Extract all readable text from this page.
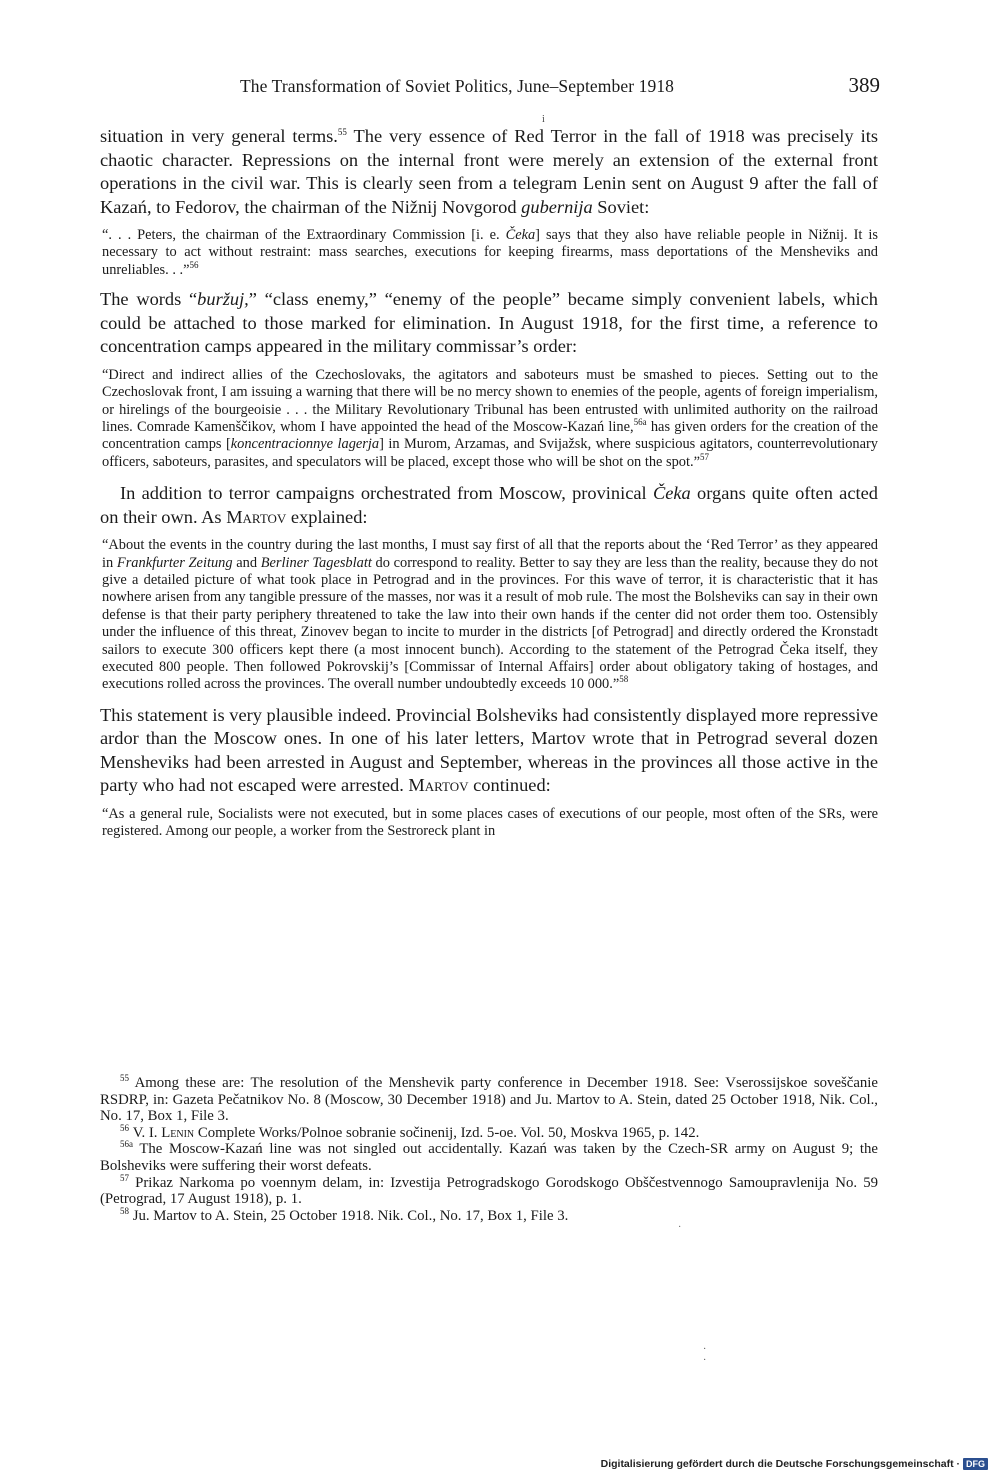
The Transformation of Soviet Politics, June–September 1918	389
i

situation in very general terms.$^{55}$ The very essence of Red Terror in the fall of 1918 was precisely its chaotic character. Repressions on the internal front were merely an extension of the external front operations in the civil war. This is clearly seen from a telegram Lenin sent on August 9 after the fall of Kazań, to Fedorov, the chairman of the Nižnij Novgorod gubernija Soviet:

“. . . Peters, the chairman of the Extraordinary Commission [i. e. Čeka] says that they also have reliable people in Nižnij. It is necessary to act without restraint: mass searches, executions for keeping firearms, mass deportations of the Mensheviks and unreliables. . .”$^{56}$

The words “buržuj,” “class enemy,” “enemy of the people” became simply convenient labels, which could be attached to those marked for elimination. In August 1918, for the first time, a reference to concentration camps appeared in the military commissar’s order:

“Direct and indirect allies of the Czechoslovaks, the agitators and saboteurs must be smashed to pieces. Setting out to the Czechoslovak front, I am issuing a warning that there will be no mercy shown to enemies of the people, agents of foreign imperialism, or hirelings of the bourgeoisie . . . the Military Revolutionary Tribunal has been entrusted with unlimited authority on the railroad lines. Comrade Kamenščikov, whom I have appointed the head of the Moscow-Kazań line,$^{56a}$ has given orders for the creation of the concentration camps [koncentracionnye lagerja] in Murom, Arzamas, and Svijažsk, where suspicious agitators, counterrevolutionary officers, saboteurs, parasites, and speculators will be placed, except those who will be shot on the spot.”$^{57}$

In addition to terror campaigns orchestrated from Moscow, provinical Čeka organs quite often acted on their own. As Martov explained:

“About the events in the country during the last months, I must say first of all that the reports about the ‘Red Terror’ as they appeared in Frankfurter Zeitung and Berliner Tagesblatt do correspond to reality. Better to say they are less than the reality, because they do not give a detailed picture of what took place in Petrograd and in the provinces. For this wave of terror, it is characteristic that it has nowhere arisen from any tangible pressure of the masses, nor was it a result of mob rule. The most the Bolsheviks can say in their own defense is that their party periphery threatened to take the law into their own hands if the center did not order them too. Ostensibly under the influence of this threat, Zinovev began to incite to murder in the districts [of Petrograd] and directly ordered the Kronstadt sailors to execute 300 officers kept there (a most innocent bunch). According to the statement of the Petrograd Čeka itself, they executed 800 people. Then followed Pokrovskij’s [Commissar of Internal Affairs] order about obligatory taking of hostages, and executions rolled across the provinces. The overall number undoubtedly exceeds 10 000.”$^{58}$

This statement is very plausible indeed. Provincial Bolsheviks had consistently displayed more repressive ardor than the Moscow ones. In one of his later letters, Martov wrote that in Petrograd several dozen Mensheviks had been arrested in August and September, whereas in the provinces all those active in the party who had not escaped were arrested. Martov continued:

“As a general rule, Socialists were not executed, but in some places cases of executions of our people, most often of the SRs, were registered. Among our people, a worker from the Sestroreck plant in

$^{55}$ Among these are: The resolution of the Menshevik party conference in December 1918. See: Vserossijskoe soveščanie RSDRP, in: Gazeta Pečatnikov No. 8 (Moscow, 30 December 1918) and Ju. Martov to A. Stein, dated 25 October 1918, Nik. Col., No. 17, Box 1, File 3.

$^{56}$ V. I. Lenin Complete Works/Polnoe sobranie sočinenij, Izd. 5-oe. Vol. 50, Moskva 1965, p. 142.

$^{56a}$ The Moscow-Kazań line was not singled out accidentally. Kazań was taken by the Czech-SR army on August 9; the Bolsheviks were suffering their worst defeats.

$^{57}$ Prikaz Narkoma po voennym delam, in: Izvestija Petrogradskogo Gorodskogo Obščestvennogo Samoupravlenija No. 59 (Petrograd, 17 August 1918), p. 1.

$^{58}$ Ju. Martov to A. Stein, 25 October 1918. Nik. Col., No. 17, Box 1, File 3.

·
·
·
Digitalisierung gefördert durch die Deutsche Forschungsgemeinschaft · DFG
